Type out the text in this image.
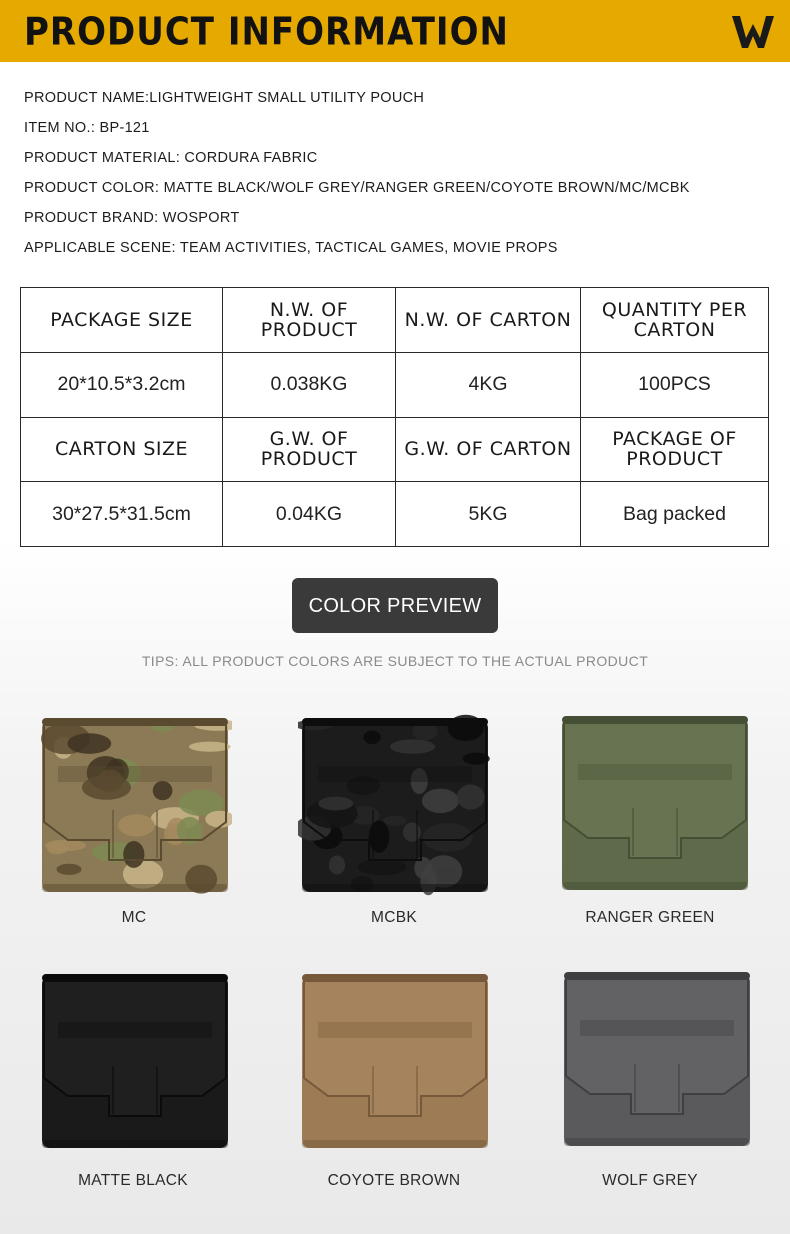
PRODUCT INFORMATION
PRODUCT NAME:LIGHTWEIGHT SMALL UTILITY POUCH
ITEM NO.: BP-121
PRODUCT MATERIAL: CORDURA FABRIC
PRODUCT COLOR: MATTE BLACK/WOLF GREY/RANGER GREEN/COYOTE BROWN/MC/MCBK
PRODUCT BRAND: WOSPORT
APPLICABLE SCENE: TEAM ACTIVITIES, TACTICAL GAMES, MOVIE PROPS
PACKAGE SIZE	N.W. OF PRODUCT	N.W. OF CARTON	QUANTITY PER CARTON
20*10.5*3.2cm	0.038KG	4KG	100PCS
CARTON SIZE	G.W. OF PRODUCT	G.W. OF CARTON	PACKAGE OF PRODUCT
30*27.5*31.5cm	0.04KG	5KG	Bag packed
COLOR PREVIEW
TIPS: ALL PRODUCT COLORS ARE SUBJECT TO THE ACTUAL PRODUCT
MC	MCBK	RANGER GREEN
MATTE BLACK	COYOTE BROWN	WOLF GREY
